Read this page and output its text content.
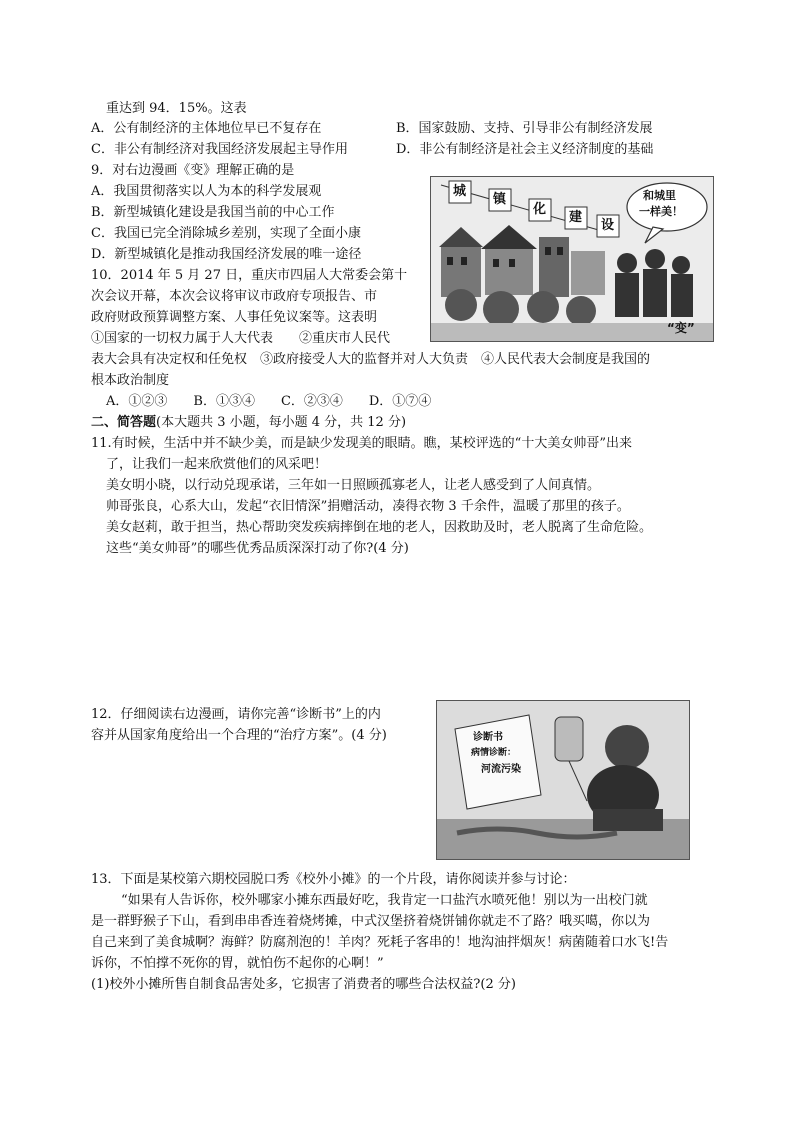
重达到 94．15%。这表
A．公有制经济的主体地位早已不复存在	B．国家鼓励、支持、引导非公有制经济发展
C．非公有制经济对我国经济发展起主导作用	D．非公有制经济是社会主义经济制度的基础
9．对右边漫画《变》理解正确的是
A．我国贯彻落实以人为本的科学发展观
B．新型城镇化建设是我国当前的中心工作
C．我国已完全消除城乡差别，实现了全面小康
D．新型城镇化是推动我国经济发展的唯一途径
城
镇
化
建
设
和城里
一样美！
“变”
10．2014 年 5 月 27 日，重庆市四届人大常委会第十
次会议开幕，本次会议将审议市政府专项报告、市
政府财政预算调整方案、人事任免议案等。这表明
①国家的一切权力属于人大代表　　②重庆市人民代
表大会具有决定权和任免权　③政府接受人大的监督并对人大负责　④人民代表大会制度是我国的
根本政治制度
A．①②③　　B．①③④　　C．②③④　　D．①⑦④
二、简答题(本大题共 3 小题，每小题 4 分，共 12 分)
11.有时候，生活中并不缺少美，而是缺少发现美的眼睛。瞧，某校评选的“十大美女帅哥”出来
了，让我们一起来欣赏他们的风采吧！
美女明小晓，以行动兑现承诺，三年如一日照顾孤寡老人，让老人感受到了人间真情。
帅哥张良，心系大山，发起“衣旧情深”捐赠活动，凑得衣物 3 千余件，温暖了那里的孩子。
美女赵莉，敢于担当，热心帮助突发疾病摔倒在地的老人，因救助及时，老人脱离了生命危险。
这些“美女帅哥”的哪些优秀品质深深打动了你?(4 分)
12．仔细阅读右边漫画，请你完善“诊断书”上的内
容并从国家角度给出一个合理的“治疗方案”。(4 分)	诊断书
病情诊断：
河流污染
13．下面是某校第六期校园脱口秀《校外小摊》的一个片段，请你阅读并参与讨论：
“如果有人告诉你，校外哪家小摊东西最好吃，我肯定一口盐汽水喷死他！别以为一出校门就
是一群野猴子下山，看到串串香连着烧烤摊，中式汉堡挤着烧饼铺你就走不了路？哦买噶，你以为
自己来到了美食城啊？海鲜？防腐剂泡的！羊肉？死耗子客串的！地沟油拌烟灰！病菌随着口水飞!告
诉你，不怕撑不死你的胃，就怕伤不起你的心啊！”
(1)校外小摊所售自制食品害处多，它损害了消费者的哪些合法权益?(2 分)
